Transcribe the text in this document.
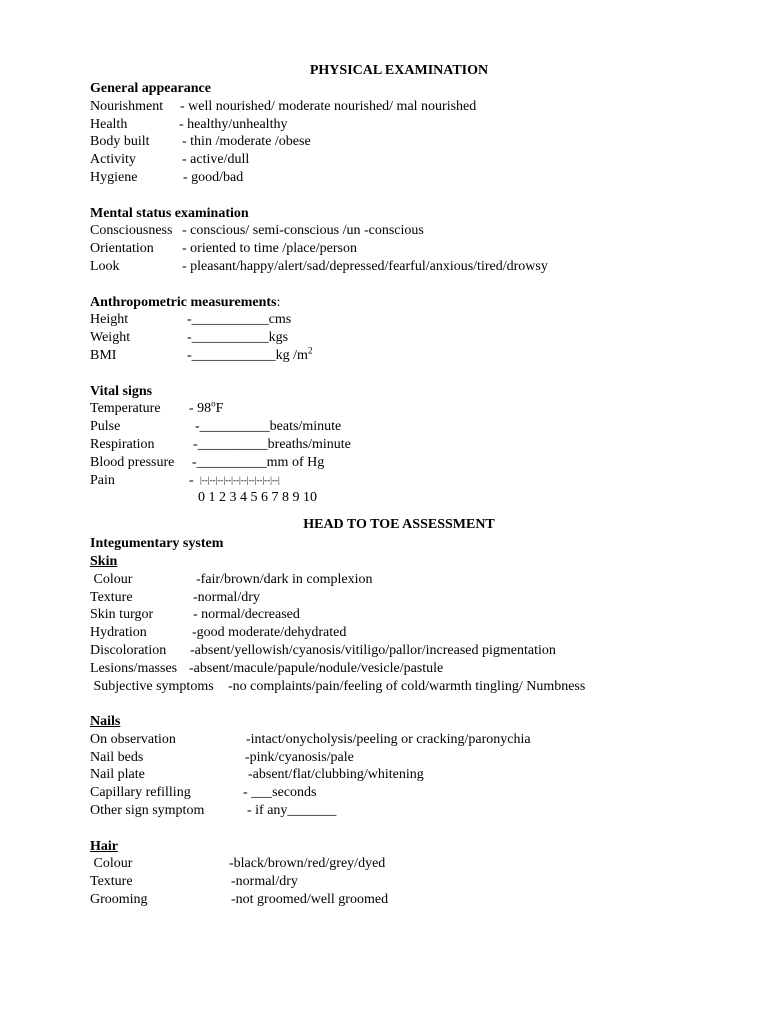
PHYSICAL EXAMINATION
General appearance
Nourishment - well nourished/ moderate nourished/ mal nourished
Health	- healthy/unhealthy
Body built - thin /moderate /obese
Activity	- active/dull
Hygiene	- good/bad
Mental status examination
Consciousness - conscious/ semi-conscious /un -conscious
Orientation - oriented to time /place/person
Look	- pleasant/happy/alert/sad/depressed/fearful/anxious/tired/drowsy
Anthropometric measurements:
Height	-___________cms
Weight	-___________kgs
BMI	-____________kg $/m^2$
Vital signs
Temperature - 98$^o$F
Pulse	-__________beats/minute
Respiration	-__________breaths/minute
Blood pressure -__________mm of Hg
Pain	- |--|--|--|--|--|--|--|--|--|--|
0 1 2 3 4 5 6 7 8 9 10
HEAD TO TOE ASSESSMENT
Integumentary system
Skin
Colour	-fair/brown/dark in complexion
Texture	-normal/dry
Skin turgor	- normal/decreased
Hydration	-good moderate/dehydrated
Discoloration -absent/yellowish/cyanosis/vitiligo/pallor/increased pigmentation
Lesions/masses -absent/macule/papule/nodule/vesicle/pastule
Subjective symptoms -no complaints/pain/feeling of cold/warmth tingling/ Numbness
Nails
On observation	-intact/onycholysis/peeling or cracking/paronychia
Nail beds	-pink/cyanosis/pale
Nail plate	-absent/flat/clubbing/whitening
Capillary refilling	- ___seconds
Other sign symptom	- if any_______
Hair
Colour	-black/brown/red/grey/dyed
Texture	-normal/dry
Grooming	-not groomed/well groomed
